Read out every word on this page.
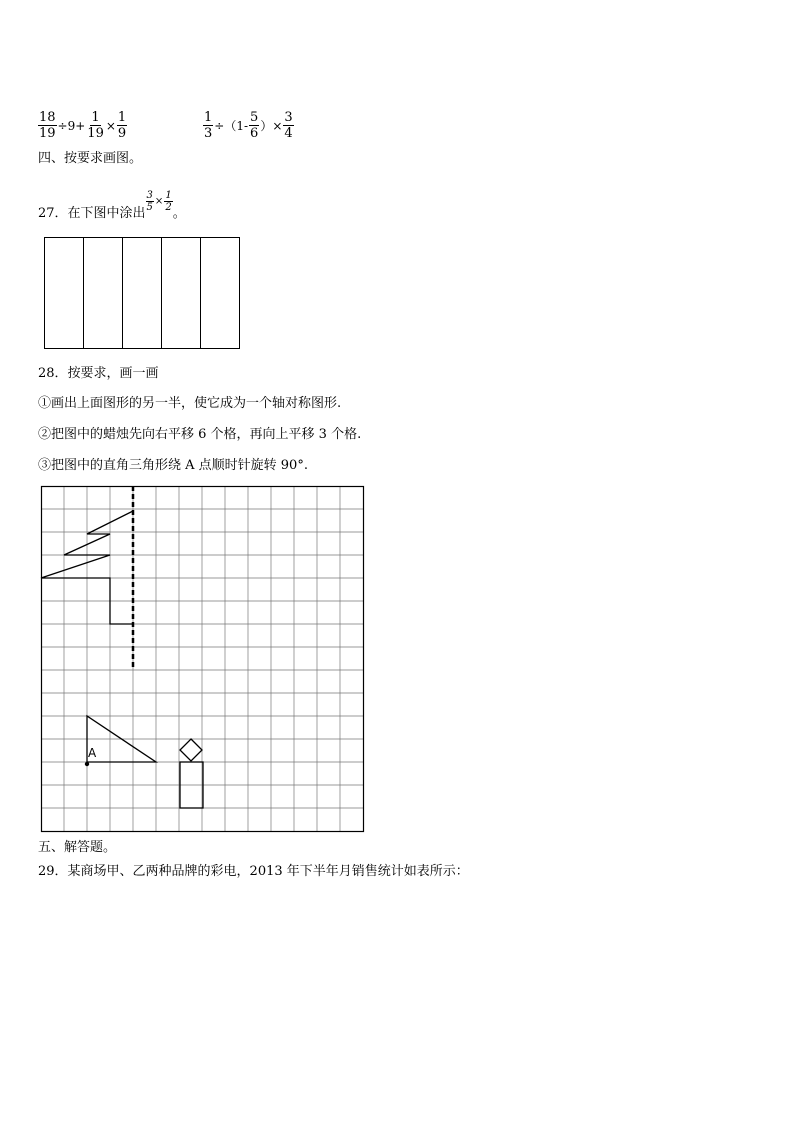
$\frac{18}{19} \div 9+ \frac{1}{19} \times \frac{1}{9}$	$\frac{1}{3} \div(1- \frac{5}{6}$ ）× $\frac{3}{4}$
四、按要求画图。
27．在下图中涂出
$\frac{3}{5} \times \frac{1}{2}$
。
28．按要求，画一画
①画出上面图形的另一半，使它成为一个轴对称图形.
②把图中的蜡烛先向右平移 6 个格，再向上平移 3 个格.
③把图中的直角三角形绕 A 点顺时针旋转 90°.
A
五、解答题。
29．某商场甲、乙两种品牌的彩电，2013 年下半年月销售统计如表所示：
